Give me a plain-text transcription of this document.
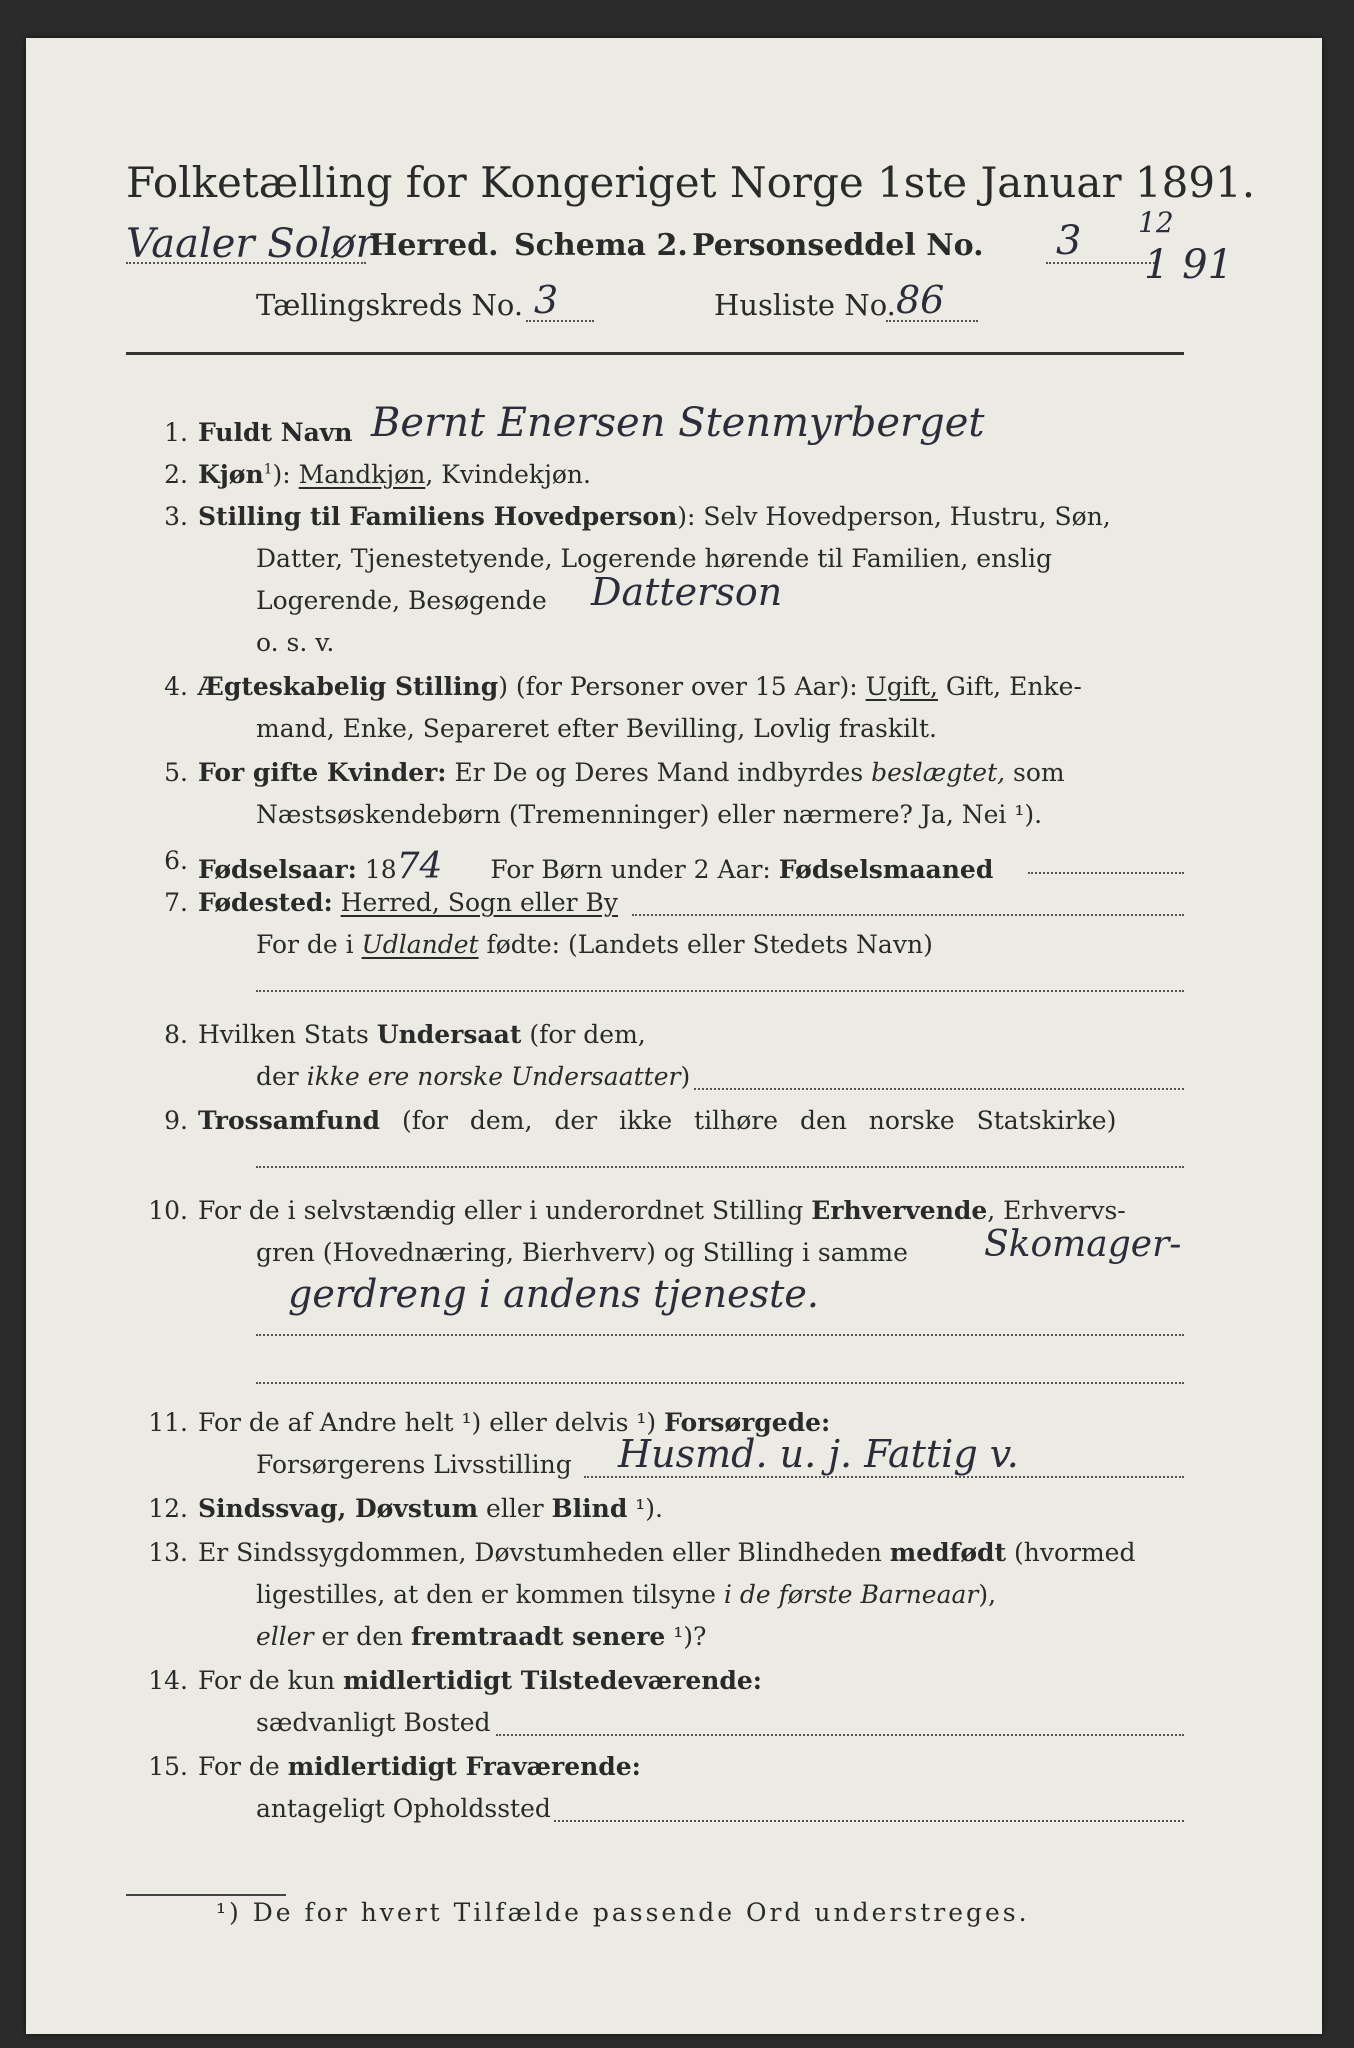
Folketælling for Kongeriget Norge 1ste Januar 1891.
Vaaler Solør
Herred. Schema 2. Personseddel No. 3 12
1 91
Tællingskreds No. 3	Husliste No. 86
1. Fuldt Navn Bernt Enersen Stenmyrberget
2. Kjøn$^1$): Mandkjøn, Kvindekjøn.
3. Stilling til Familiens Hovedperson): Selv Hovedperson, Hustru, Søn,
Datter, Tjenestetyende, Logerende hørende til Familien, enslig
Logerende, Besøgende Datterson
o. s. v.
4. Ægteskabelig Stilling) (for Personer over 15 Aar): Ugift, Gift, Enke-
mand, Enke, Separeret efter Bevilling, Lovlig fraskilt.
5. For gifte Kvinder: Er De og Deres Mand indbyrdes beslægtet, som
Næstsøskendebørn (Tremenninger) eller nærmere? Ja, Nei ¹).
6. Fødselsaar: 1874 For Børn under 2 Aar: Fødselsmaaned
7. Fødested: Herred, Sogn eller By
For de i Udlandet fødte: (Landets eller Stedets Navn)
8. Hvilken Stats Undersaat (for dem,
der ikke ere norske Undersaatter)
9. Trossamfund (for dem, der ikke tilhøre den norske Statskirke)
10. For de i selvstændig eller i underordnet Stilling Erhvervende, Erhvervs-
gren (Hovednæring, Bierhverv) og Stilling i samme Skomager-
gerdreng i andens tjeneste.
11. For de af Andre helt ¹) eller delvis ¹) Forsørgede:
Forsørgerens Livsstilling Husmd. u. j. Fattig v.
12. Sindssvag, Døvstum eller Blind ¹).
13. Er Sindssygdommen, Døvstumheden eller Blindheden medfødt (hvormed
ligestilles, at den er kommen tilsyne i de første Barneaar),
eller er den fremtraadt senere ¹)?
14. For de kun midlertidigt Tilstedeværende:
sædvanligt Bosted
15. For de midlertidigt Fraværende:
antageligt Opholdssted
¹) De for hvert Tilfælde passende Ord understreges.
